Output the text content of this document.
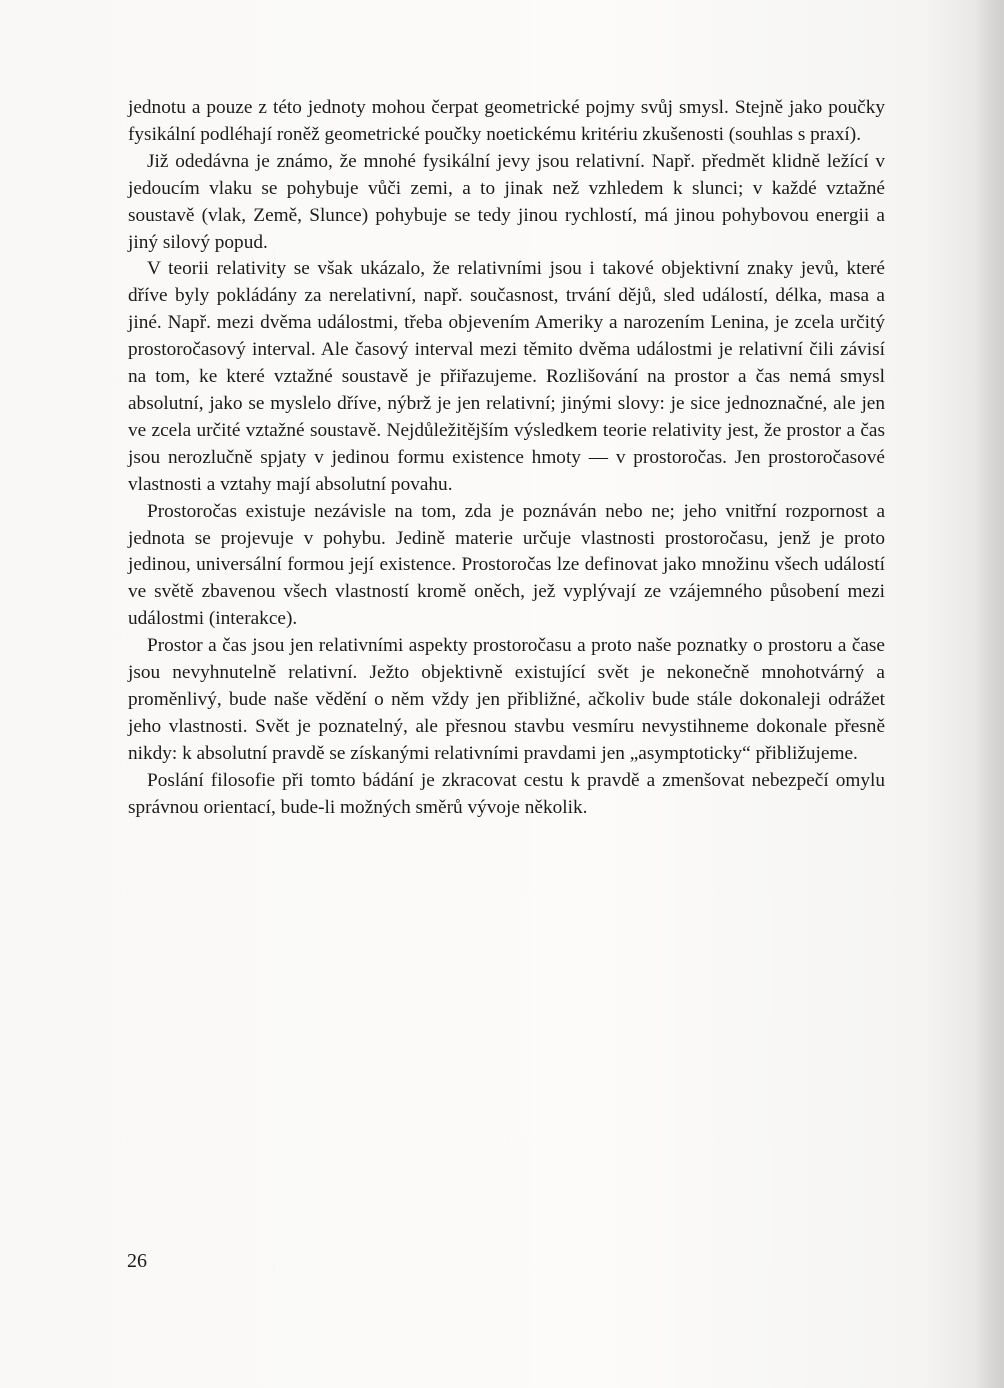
jednotu a pouze z této jednoty mohou čerpat geometrické pojmy svůj smysl. Stejně jako poučky fysikální podléhají roněž geometrické poučky noetickému kritériu zkušenosti (souhlas s praxí).

Již odedávna je známo, že mnohé fysikální jevy jsou relativní. Např. předmět klidně ležící v jedoucím vlaku se pohybuje vůči zemi, a to jinak než vzhledem k slunci; v každé vztažné soustavě (vlak, Země, Slunce) pohybuje se tedy jinou rychlostí, má jinou pohybovou energii a jiný silový popud.

V teorii relativity se však ukázalo, že relativními jsou i takové objektivní znaky jevů, které dříve byly pokládány za nerelativní, např. současnost, trvání dějů, sled událostí, délka, masa a jiné. Např. mezi dvěma událostmi, třeba objevením Ameriky a narozením Lenina, je zcela určitý prostoročasový interval. Ale časový interval mezi těmito dvěma událostmi je relativní čili závisí na tom, ke které vztažné soustavě je přiřazujeme. Rozlišování na prostor a čas nemá smysl absolutní, jako se myslelo dříve, nýbrž je jen relativní; jinými slovy: je sice jednoznačné, ale jen ve zcela určité vztažné soustavě. Nejdůležitějším výsledkem teorie relativity jest, že prostor a čas jsou nerozlučně spjaty v jedinou formu existence hmoty — v prostoročas. Jen prostoročasové vlastnosti a vztahy mají absolutní povahu.

Prostoročas existuje nezávisle na tom, zda je poznáván nebo ne; jeho vnitřní rozpornost a jednota se projevuje v pohybu. Jedině materie určuje vlastnosti prostoročasu, jenž je proto jedinou, universální formou její existence. Prostoročas lze definovat jako množinu všech událostí ve světě zbavenou všech vlastností kromě oněch, jež vyplývají ze vzájemného působení mezi událostmi (interakce).

Prostor a čas jsou jen relativními aspekty prostoročasu a proto naše poznatky o prostoru a čase jsou nevyhnutelně relativní. Ježto objektivně existující svět je nekonečně mnohotvárný a proměnlivý, bude naše vědění o něm vždy jen přibližné, ačkoliv bude stále dokonaleji odrážet jeho vlastnosti. Svět je poznatelný, ale přesnou stavbu vesmíru nevystihneme dokonale přesně nikdy: k absolutní pravdě se získanými relativními pravdami jen „asymptoticky“ přibližujeme.

Poslání filosofie při tomto bádání je zkracovat cestu k pravdě a zmenšovat nebezpečí omylu správnou orientací, bude-li možných směrů vývoje několik.

26
